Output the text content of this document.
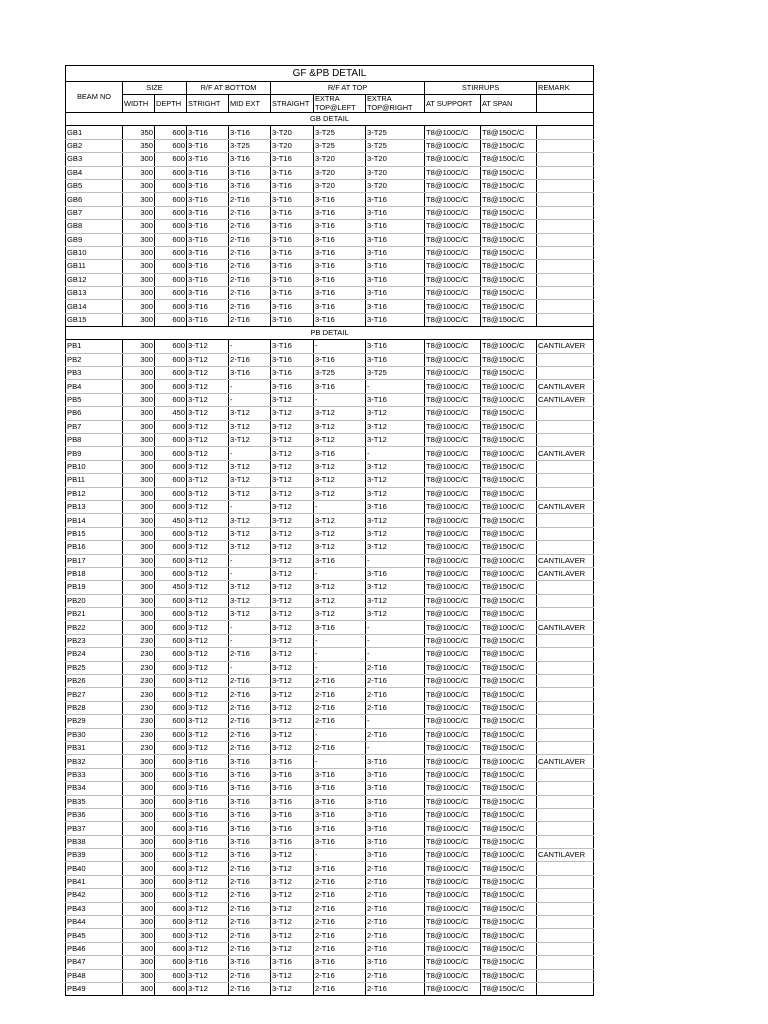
GF &PB DETAIL										
BEAM NO	SIZE		R/F AT BOTTOM		R/F AT TOP			STIRRUPS		REMARK
	WIDTH	DEPTH	STRIGHT	MID EXT	STRAIGHT	EXTRA TOP@LEFT	EXTRA TOP@RIGHT	AT SUPPORT	AT SPAN	
GB DETAIL										
GB1	350	600	3-T16	3-T16	3-T20	3-T25	3-T25	T8@100C/C	T8@150C/C	
GB2	350	600	3-T16	3-T25	3-T20	3-T25	3-T25	T8@100C/C	T8@150C/C	
GB3	300	600	3-T16	3-T16	3-T16	3-T20	3-T20	T8@100C/C	T8@150C/C	
GB4	300	600	3-T16	3-T16	3-T16	3-T20	3-T20	T8@100C/C	T8@150C/C	
GB5	300	600	3-T16	3-T16	3-T16	3-T20	3-T20	T8@100C/C	T8@150C/C	
GB6	300	600	3-T16	2-T16	3-T16	3-T16	3-T16	T8@100C/C	T8@150C/C	
GB7	300	600	3-T16	2-T16	3-T16	3-T16	3-T16	T8@100C/C	T8@150C/C	
GB8	300	600	3-T16	2-T16	3-T16	3-T16	3-T16	T8@100C/C	T8@150C/C	
GB9	300	600	3-T16	2-T16	3-T16	3-T16	3-T16	T8@100C/C	T8@150C/C	
GB10	300	600	3-T16	2-T16	3-T16	3-T16	3-T16	T8@100C/C	T8@150C/C	
GB11	300	600	3-T16	2-T16	3-T16	3-T16	3-T16	T8@100C/C	T8@150C/C	
GB12	300	600	3-T16	2-T16	3-T16	3-T16	3-T16	T8@100C/C	T8@150C/C	
GB13	300	600	3-T16	2-T16	3-T16	3-T16	3-T16	T8@100C/C	T8@150C/C	
GB14	300	600	3-T16	2-T16	3-T16	3-T16	3-T16	T8@100C/C	T8@150C/C	
GB15	300	600	3-T16	2-T16	3-T16	3-T16	3-T16	T8@100C/C	T8@150C/C	
PB DETAIL										
PB1	300	600	3-T12	-	3-T16	-	3-T16	T8@100C/C	T8@100C/C	CANTILAVER
PB2	300	600	3-T12	2-T16	3-T16	3-T16	3-T16	T8@100C/C	T8@150C/C	
PB3	300	600	3-T12	3-T16	3-T16	3-T25	3-T25	T8@100C/C	T8@150C/C	
PB4	300	600	3-T12	-	3-T16	3-T16	-	T8@100C/C	T8@100C/C	CANTILAVER
PB5	300	600	3-T12	-	3-T12	-	3-T16	T8@100C/C	T8@100C/C	CANTILAVER
PB6	300	450	3-T12	3-T12	3-T12	3-T12	3-T12	T8@100C/C	T8@150C/C	
PB7	300	600	3-T12	3-T12	3-T12	3-T12	3-T12	T8@100C/C	T8@150C/C	
PB8	300	600	3-T12	3-T12	3-T12	3-T12	3-T12	T8@100C/C	T8@150C/C	
PB9	300	600	3-T12	-	3-T12	3-T16	-	T8@100C/C	T8@100C/C	CANTILAVER
PB10	300	600	3-T12	3-T12	3-T12	3-T12	3-T12	T8@100C/C	T8@150C/C	
PB11	300	600	3-T12	3-T12	3-T12	3-T12	3-T12	T8@100C/C	T8@150C/C	
PB12	300	600	3-T12	3-T12	3-T12	3-T12	3-T12	T8@100C/C	T8@150C/C	
PB13	300	600	3-T12	-	3-T12	-	3-T16	T8@100C/C	T8@100C/C	CANTILAVER
PB14	300	450	3-T12	3-T12	3-T12	3-T12	3-T12	T8@100C/C	T8@150C/C	
PB15	300	600	3-T12	3-T12	3-T12	3-T12	3-T12	T8@100C/C	T8@150C/C	
PB16	300	600	3-T12	3-T12	3-T12	3-T12	3-T12	T8@100C/C	T8@150C/C	
PB17	300	600	3-T12	-	3-T12	3-T16	-	T8@100C/C	T8@100C/C	CANTILAVER
PB18	300	600	3-T12	-	3-T12	-	3-T16	T8@100C/C	T8@100C/C	CANTILAVER
PB19	300	450	3-T12	3-T12	3-T12	3-T12	3-T12	T8@100C/C	T8@150C/C	
PB20	300	600	3-T12	3-T12	3-T12	3-T12	3-T12	T8@100C/C	T8@150C/C	
PB21	300	600	3-T12	3-T12	3-T12	3-T12	3-T12	T8@100C/C	T8@150C/C	
PB22	300	600	3-T12	-	3-T12	3-T16	-	T8@100C/C	T8@100C/C	CANTILAVER
PB23	230	600	3-T12	-	3-T12	-	-	T8@100C/C	T8@150C/C	
PB24	230	600	3-T12	2-T16	3-T12	-	-	T8@100C/C	T8@150C/C	
PB25	230	600	3-T12	-	3-T12	-	2-T16	T8@100C/C	T8@150C/C	
PB26	230	600	3-T12	2-T16	3-T12	2-T16	2-T16	T8@100C/C	T8@150C/C	
PB27	230	600	3-T12	2-T16	3-T12	2-T16	2-T16	T8@100C/C	T8@150C/C	
PB28	230	600	3-T12	2-T16	3-T12	2-T16	2-T16	T8@100C/C	T8@150C/C	
PB29	230	600	3-T12	2-T16	3-T12	2-T16	-	T8@100C/C	T8@150C/C	
PB30	230	600	3-T12	2-T16	3-T12	-	2-T16	T8@100C/C	T8@150C/C	
PB31	230	600	3-T12	2-T16	3-T12	2-T16	-	T8@100C/C	T8@150C/C	
PB32	300	600	3-T16	3-T16	3-T16	-	3-T16	T8@100C/C	T8@100C/C	CANTILAVER
PB33	300	600	3-T16	3-T16	3-T16	3-T16	3-T16	T8@100C/C	T8@150C/C	
PB34	300	600	3-T16	3-T16	3-T16	3-T16	3-T16	T8@100C/C	T8@150C/C	
PB35	300	600	3-T16	3-T16	3-T16	3-T16	3-T16	T8@100C/C	T8@150C/C	
PB36	300	600	3-T16	3-T16	3-T16	3-T16	3-T16	T8@100C/C	T8@150C/C	
PB37	300	600	3-T16	3-T16	3-T16	3-T16	3-T16	T8@100C/C	T8@150C/C	
PB38	300	600	3-T16	3-T16	3-T16	3-T16	3-T16	T8@100C/C	T8@150C/C	
PB39	300	600	3-T12	3-T16	3-T12	-	3-T16	T8@100C/C	T8@100C/C	CANTILAVER
PB40	300	600	3-T12	2-T16	3-T12	3-T16	2-T16	T8@100C/C	T8@150C/C	
PB41	300	600	3-T12	2-T16	3-T12	2-T16	2-T16	T8@100C/C	T8@150C/C	
PB42	300	600	3-T12	2-T16	3-T12	2-T16	2-T16	T8@100C/C	T8@150C/C	
PB43	300	600	3-T12	2-T16	3-T12	2-T16	2-T16	T8@100C/C	T8@150C/C	
PB44	300	600	3-T12	2-T16	3-T12	2-T16	2-T16	T8@100C/C	T8@150C/C	
PB45	300	600	3-T12	2-T16	3-T12	2-T16	2-T16	T8@100C/C	T8@150C/C	
PB46	300	600	3-T12	2-T16	3-T12	2-T16	2-T16	T8@100C/C	T8@150C/C	
PB47	300	600	3-T16	3-T16	3-T16	3-T16	3-T16	T8@100C/C	T8@150C/C	
PB48	300	600	3-T12	2-T16	3-T12	2-T16	2-T16	T8@100C/C	T8@150C/C	
PB49	300	600	3-T12	2-T16	3-T12	2-T16	2-T16	T8@100C/C	T8@150C/C	
